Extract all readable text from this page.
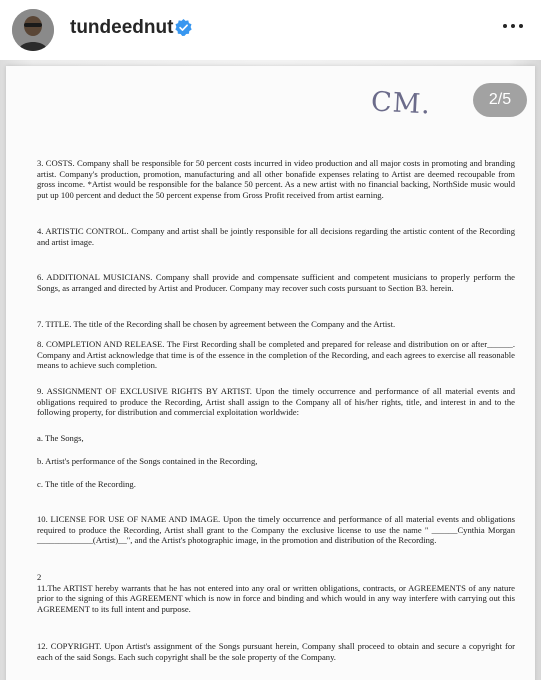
tundeednut
CM.

3. COSTS. Company shall be responsible for 50 percent costs incurred in video production and all major costs in promoting and branding artist. Company's production, promotion, manufacturing and all other bonafide expenses relating to Artist are deemed recoupable from gross income. *Artist would be responsible for the balance 50 percent. As a new artist with no financial backing, NorthSide music would put up 100 percent and deduct the 50 percent expense from Gross Profit received from artist earning.

4. ARTISTIC CONTROL. Company and artist shall be jointly responsible for all decisions regarding the artistic content of the Recording and artist image.

6. ADDITIONAL MUSICIANS. Company shall provide and compensate sufficient and competent musicians to properly perform the Songs, as arranged and directed by Artist and Producer. Company may recover such costs pursuant to Section B3. herein.

7. TITLE. The title of the Recording shall be chosen by agreement between the Company and the Artist.

8. COMPLETION AND RELEASE. The First Recording shall be completed and prepared for release and distribution on or after______. Company and Artist acknowledge that time is of the essence in the completion of the Recording, and each agrees to exercise all reasonable means to achieve such completion.

9. ASSIGNMENT OF EXCLUSIVE RIGHTS BY ARTIST. Upon the timely occurrence and performance of all material events and obligations required to produce the Recording, Artist shall assign to the Company all of his/her rights, title, and interest in and to the following property, for distribution and commercial exploitation worldwide:

a. The Songs,

b. Artist's performance of the Songs contained in the Recording,

c. The title of the Recording.

10. LICENSE FOR USE OF NAME AND IMAGE. Upon the timely occurrence and performance of all material events and obligations required to produce the Recording, Artist shall grant to the Company the exclusive license to use the name " ______Cynthia Morgan _____________(Artist)__", and the Artist's photographic image, in the promotion and distribution of the Recording.

2
11.The ARTIST hereby warrants that he has not entered into any oral or written obligations, contracts, or AGREEMENTS of any nature prior to the signing of this AGREEMENT which is now in force and binding and which would in any way interfere with carrying out this AGREEMENT to its full intent and purpose.

12. COPYRIGHT. Upon Artist's assignment of the Songs pursuant herein, Company shall proceed to obtain and secure a copyright for each of the said Songs. Each such copyright shall be the sole property of the Company.

2/5
